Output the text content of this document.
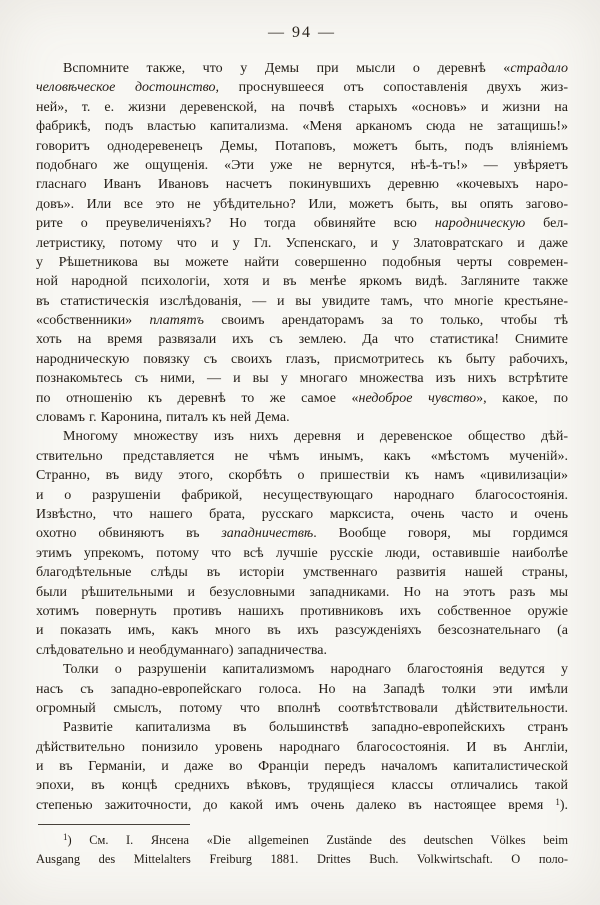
— 94 —
Вспомните также, что у Демы при мысли о деревнѣ «страдало
человѣческое достоинство, проснувшееся отъ сопоставленія двухъ жиз-
ней», т. е. жизни деревенской, на почвѣ старыхъ «основъ» и жизни на
фабрикѣ, подъ властью капитализма. «Меня арканомъ сюда не затащишь!»
говоритъ однодеревенецъ Демы, Потаповъ, можетъ быть, подъ вліяніемъ
подобнаго же ощущенія. «Эти уже не вернутся, нѣ-ѣ-тъ!» — увѣряетъ
гласнаго Иванъ Ивановъ насчетъ покинувшихъ деревню «кочевыхъ наро-
довъ». Или все это не убѣдительно? Или, можетъ быть, вы опять загово-
рите о преувеличеніяхъ? Но тогда обвиняйте всю народническую бел-
летристику, потому что и у Гл. Успенскаго, и у Златовратскаго и даже
у Рѣшетникова вы можете найти совершенно подобныя черты современ-
ной народной психологіи, хотя и въ менѣе яркомъ видѣ. Загляните также
въ статистическія изслѣдованія, — и вы увидите тамъ, что многіе крестьяне-
«собственники» платятъ своимъ арендаторамъ за то только, чтобы тѣ
хоть на время развязали ихъ съ землею. Да что статистика! Снимите
народническую повязку съ своихъ глазъ, присмотритесь къ быту рабочихъ,
познакомьтесь съ ними, — и вы у многаго множества изъ нихъ встрѣтите
по отношенію къ деревнѣ то же самое «недоброе чувство», какое, по
словамъ г. Каронина, питалъ къ ней Дема.
Многому множеству изъ нихъ деревня и деревенское общество дѣй-
ствительно представляется не чѣмъ инымъ, какъ «мѣстомъ мученій».
Странно, въ виду этого, скорбѣть о пришествіи къ намъ «цивилизаціи»
и о разрушеніи фабрикой, несуществующаго народнаго благосостоянія.
Извѣстно, что нашего брата, русскаго марксиста, очень часто и очень
охотно обвиняютъ въ западничествѣ. Вообще говоря, мы гордимся
этимъ упрекомъ, потому что всѣ лучшіе русскіе люди, оставившіе наиболѣе
благодѣтельные слѣды въ исторіи умственнаго развитія нашей страны,
были рѣшительными и безусловными западниками. Но на этотъ разъ мы
хотимъ повернуть противъ нашихъ противниковъ ихъ собственное оружіе
и показать имъ, какъ много въ ихъ разсужденіяхъ безсознательнаго (а
слѣдовательно и необдуманнаго) западничества.
Толки о разрушеніи капитализмомъ народнаго благостоянія ведутся у
насъ съ западно-европейскаго голоса. Но на Западѣ толки эти имѣли
огромный смыслъ, потому что вполнѣ соотвѣтствовали дѣйствительности.
Развитіе капитализма въ большинствѣ западно-европейскихъ странъ
дѣйствительно понизило уровень народнаго благосостоянія. И въ Англіи,
и въ Германіи, и даже во Франціи передъ началомъ капиталистической
эпохи, въ концѣ среднихъ вѣковъ, трудящіеся классы отличались такой
степенью зажиточности, до какой имъ очень далеко въ настоящее время $^1$).
$^1$) См. I. Янсена «Die allgemeinen Zustände des deutschen Völkes beim
Ausgang des Mittelalters Freiburg 1881. Drittes Buch. Volkwirtschaft. О поло-
